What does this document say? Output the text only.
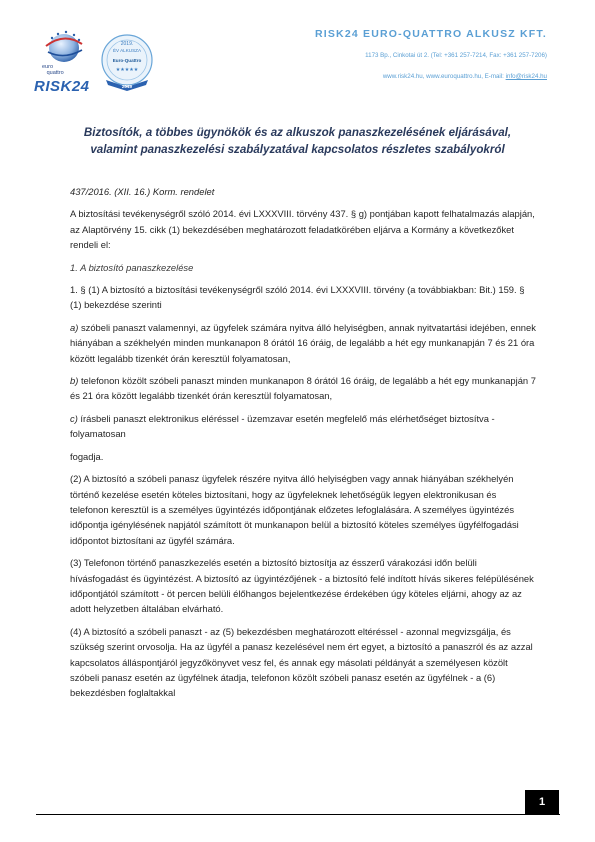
euro
quattro
RISK24
2019.
ÉV ALKUSZA
Euro-Quattro
★★★★★
2019
RISK24 EURO-QUATTRO ALKUSZ KFT.
1173 Bp., Cinkotai út 2. (Tel: +361 257-7214, Fax: +361 257-7206)
www.risk24.hu, www.euroquattro.hu, E-mail: info@risk24.hu
Biztosítók, a többes ügynökök és az alkuszok panaszkezelésének eljárásával, valamint panaszkezelési szabályzatával kapcsolatos részletes szabályokról

437/2016. (XII. 16.) Korm. rendelet

A biztosítási tevékenységről szóló 2014. évi LXXXVIII. törvény 437. § g) pontjában kapott felhatalmazás alapján, az Alaptörvény 15. cikk (1) bekezdésében meghatározott feladatkörében eljárva a Kormány a következőket rendeli el:

1. A biztosító panaszkezelése

1. § (1) A biztosító a biztosítási tevékenységről szóló 2014. évi LXXXVIII. törvény (a továbbiakban: Bit.) 159. § (1) bekezdése szerinti

a) szóbeli panaszt valamennyi, az ügyfelek számára nyitva álló helyiségben, annak nyitvatartási idejében, ennek hiányában a székhelyén minden munkanapon 8 órától 16 óráig, de legalább a hét egy munkanapján 7 és 21 óra között legalább tizenkét órán keresztül folyamatosan,

b) telefonon közölt szóbeli panaszt minden munkanapon 8 órától 16 óráig, de legalább a hét egy munkanapján 7 és 21 óra között legalább tizenkét órán keresztül folyamatosan,

c) írásbeli panaszt elektronikus eléréssel - üzemzavar esetén megfelelő más elérhetőséget biztosítva - folyamatosan

fogadja.

(2) A biztosító a szóbeli panasz ügyfelek részére nyitva álló helyiségben vagy annak hiányában székhelyén történő kezelése esetén köteles biztosítani, hogy az ügyfeleknek lehetőségük legyen elektronikusan és telefonon keresztül is a személyes ügyintézés időpontjának előzetes lefoglalására. A személyes ügyintézés időpontja igénylésének napjától számított öt munkanapon belül a biztosító köteles személyes ügyfélfogadási időpontot biztosítani az ügyfél számára.

(3) Telefonon történő panaszkezelés esetén a biztosító biztosítja az ésszerű várakozási időn belüli hívásfogadást és ügyintézést. A biztosító az ügyintézőjének - a biztosító felé indított hívás sikeres felépülésének időpontjától számított - öt percen belüli élőhangos bejelentkezése érdekében úgy köteles eljárni, ahogy az az adott helyzetben általában elvárható.

(4) A biztosító a szóbeli panaszt - az (5) bekezdésben meghatározott eltéréssel - azonnal megvizsgálja, és szükség szerint orvosolja. Ha az ügyfél a panasz kezelésével nem ért egyet, a biztosító a panaszról és az azzal kapcsolatos álláspontjáról jegyzőkönyvet vesz fel, és annak egy másolati példányát a személyesen közölt szóbeli panasz esetén az ügyfélnek átadja, telefonon közölt szóbeli panasz esetén az ügyfélnek - a (6) bekezdésben foglaltakkal

1
